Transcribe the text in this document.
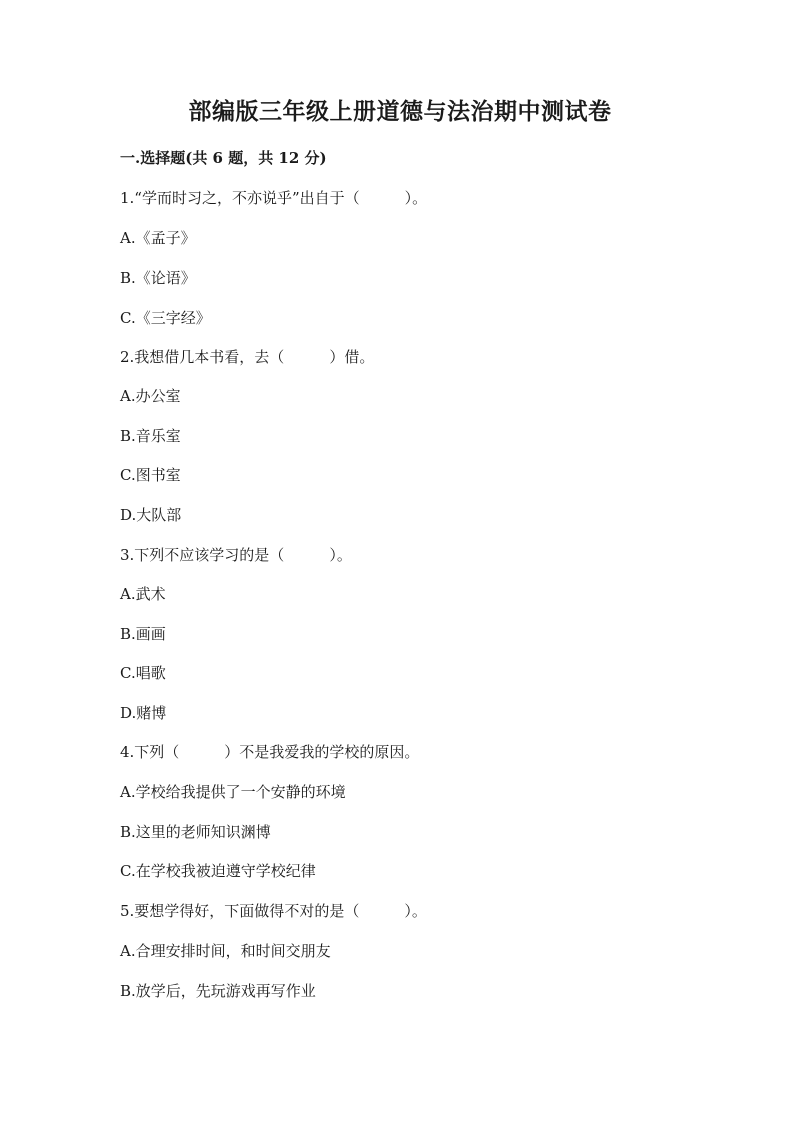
部编版三年级上册道德与法治期中测试卷
一.选择题(共 6 题，共 12 分)
1.“学而时习之，不亦说乎”出自于（　　　）。
A.《孟子》
B.《论语》
C.《三字经》
2.我想借几本书看，去（　　　）借。
A.办公室
B.音乐室
C.图书室
D.大队部
3.下列不应该学习的是（　　　）。
A.武术
B.画画
C.唱歌
D.赌博
4.下列（　　　）不是我爱我的学校的原因。
A.学校给我提供了一个安静的环境
B.这里的老师知识渊博
C.在学校我被迫遵守学校纪律
5.要想学得好，下面做得不对的是（　　　）。
A.合理安排时间，和时间交朋友
B.放学后，先玩游戏再写作业
